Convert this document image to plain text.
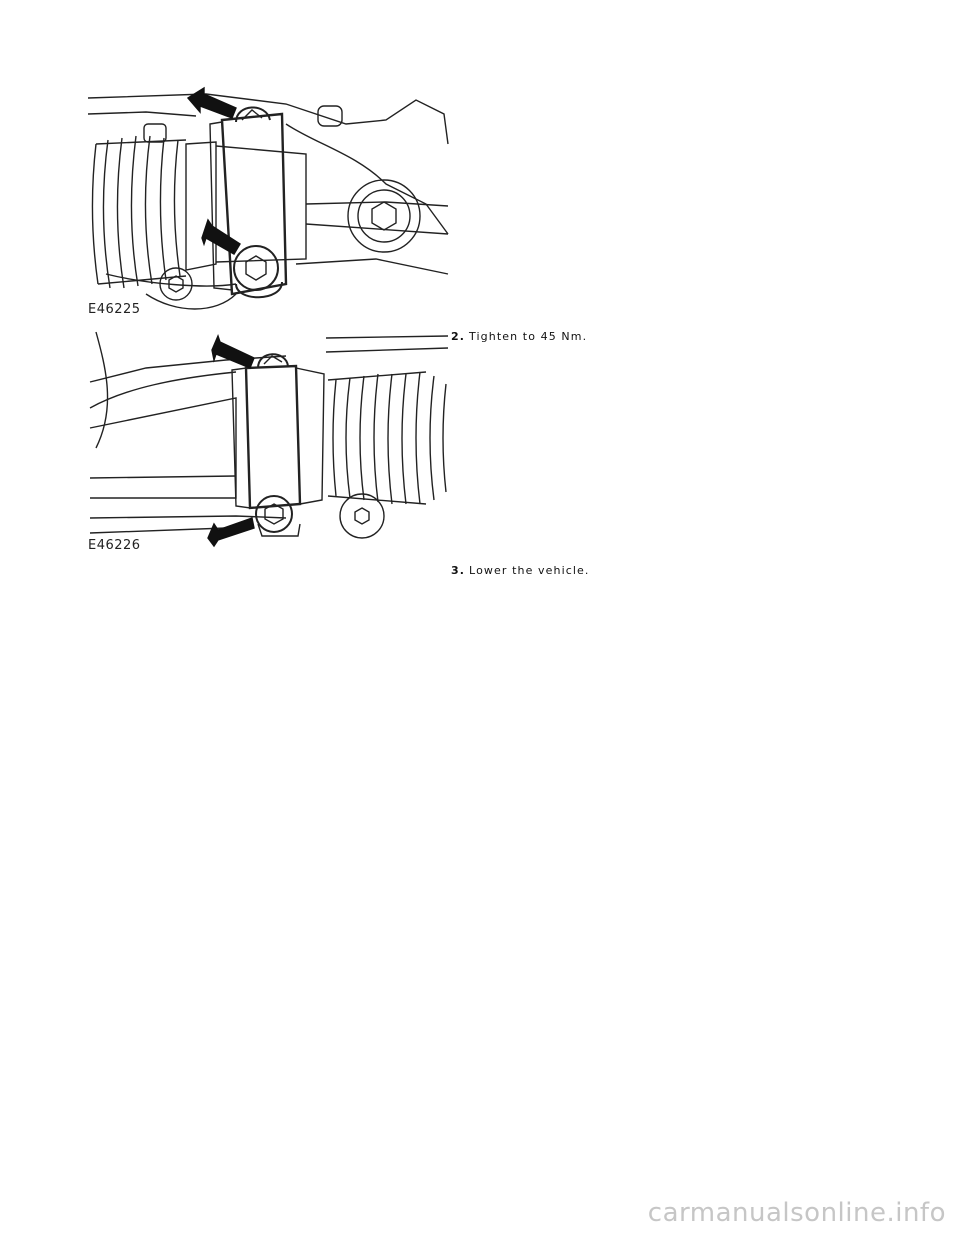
E46225
2. Tighten to 45 Nm.
E46226
3. Lower the vehicle.
carmanualsonline.info
